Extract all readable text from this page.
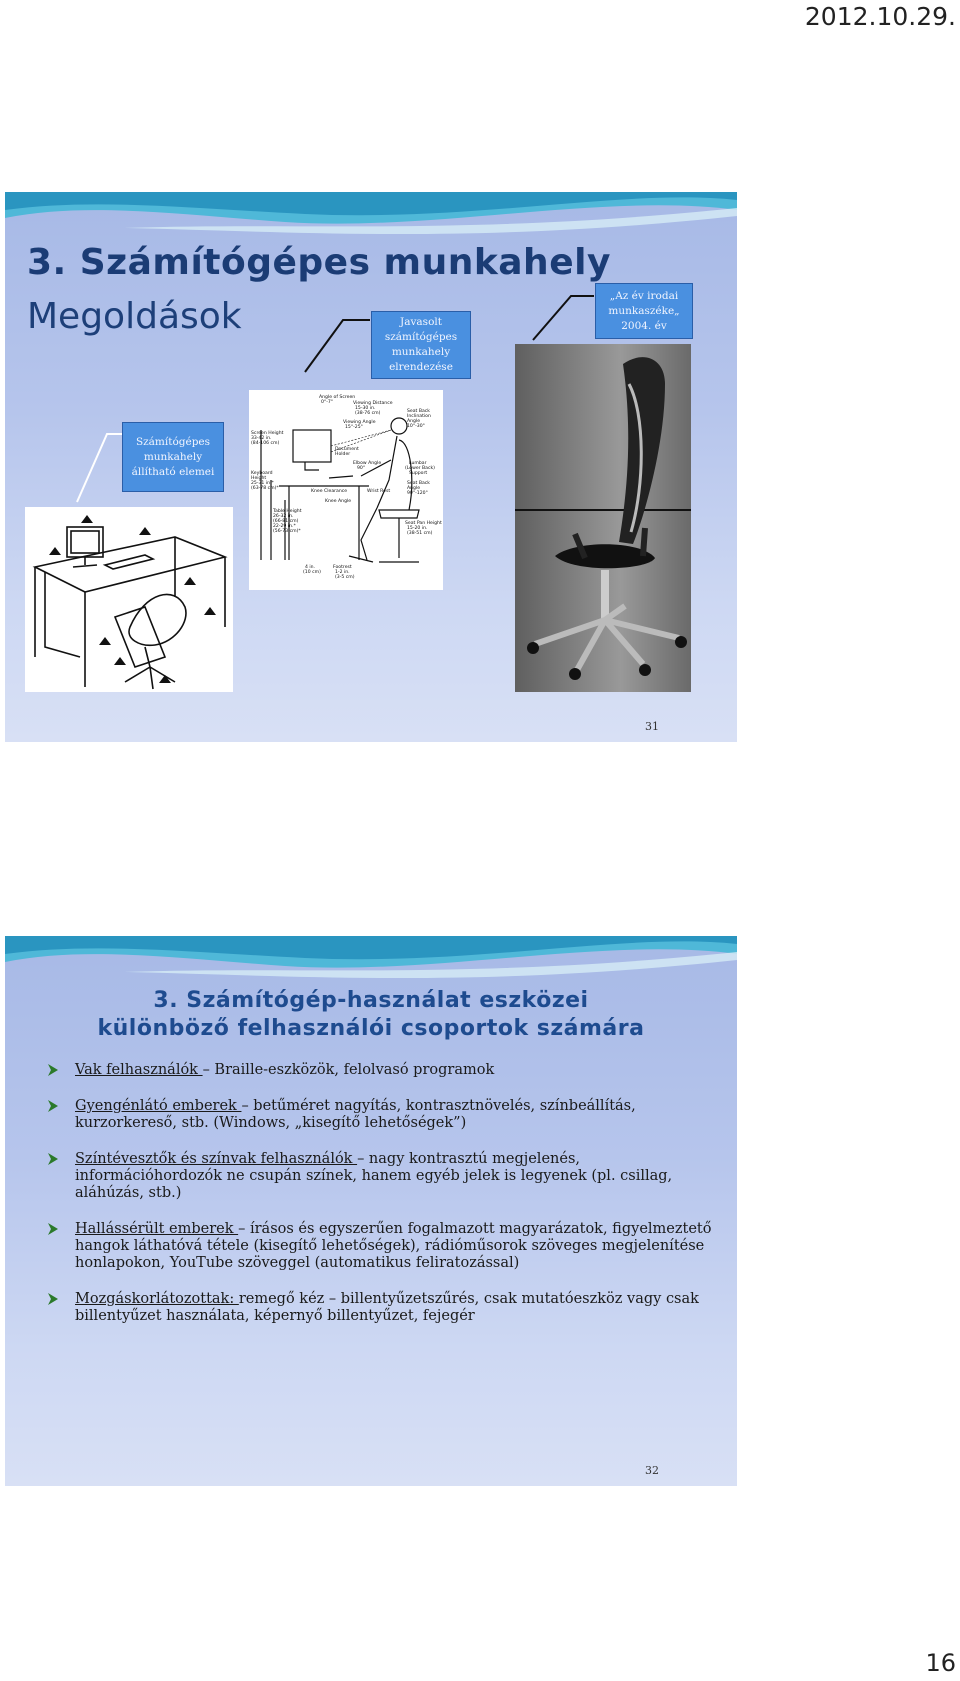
2012.10.29.
3. Számítógépes munkahely
Megoldások	Javasolt számítógépes munkahely elrendezése
„Az év irodai munkaszéke„ 2004. év
Számítógépes munkahely állítható elemei
Angle of Screen
0°-7°	Viewing Distance
15-30 in.
(38-76 cm)	Seat Back
Inclination
Angle
10°-30°
Screen Height
33-42 in.
(84-106 cm)
Viewing Angle
15°-25°
Document
Holder
Elbow Angle
90°
Lumbar
(Lower Back)
Support
Keyboard
Height
25-31 in.*
(63-78 cm)*
Knee Clearance	Wrist Rest
Seat Back
Angle
90°-120°
Knee Angle
Table Height
26-32 in.
(66-81 cm)
22-29 in.*
(56-73 cm)*
Seat Pan Height
15-20 in.
(38-51 cm)
4 in.
(10 cm)
Footrest
1-2 in.
(3-5 cm)
31
3. Számítógép-használat eszközei
különböző felhasználói csoportok számára
Vak felhasználók – Braille-eszközök, felolvasó programok
Gyengénlátó emberek – betűméret nagyítás, kontrasztnövelés, színbeállítás, kurzorkereső, stb. (Windows, „kisegítő lehetőségek”)
Színtévesztők és színvak felhasználók – nagy kontrasztú megjelenés, információhordozók ne csupán színek, hanem egyéb jelek is legyenek (pl. csillag, aláhúzás, stb.)
Hallássérült emberek – írásos és egyszerűen fogalmazott magyarázatok, figyelmeztető hangok láthatóvá tétele (kisegítő lehetőségek), rádióműsorok szöveges megjelenítése honlapokon, YouTube szöveggel (automatikus feliratozással)
Mozgáskorlátozottak: remegő kéz – billentyűzetszűrés, csak mutatóeszköz vagy csak billentyűzet használata, képernyő billentyűzet, fejegér
32
16
